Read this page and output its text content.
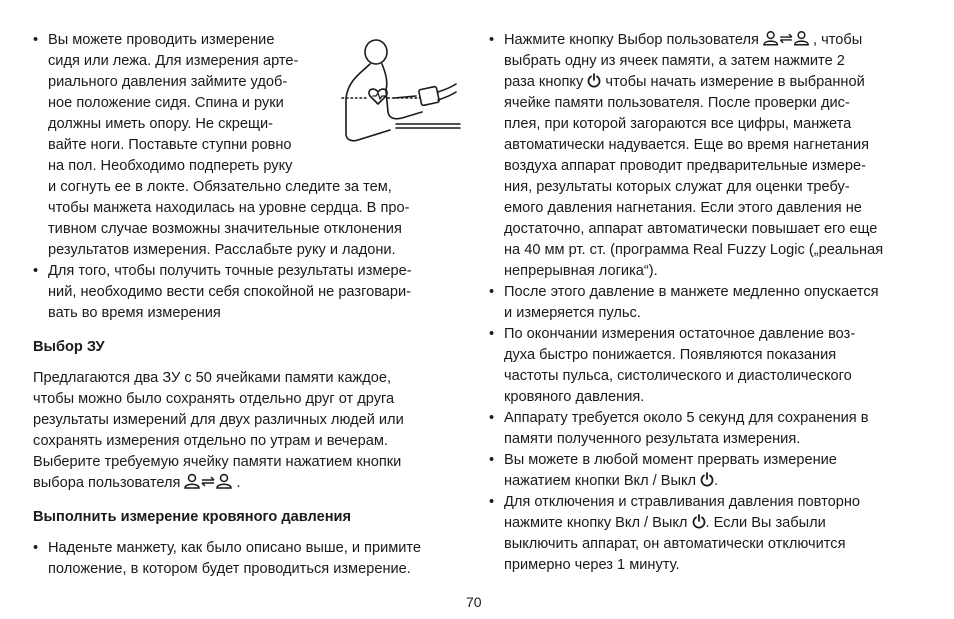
• Вы можете проводить измерение
сидя или лежа. Для измерения арте-
риального давления займите удоб-
ное положение сидя. Спина и руки
должны иметь опору. Не скрещи-
вайте ноги. Поставьте ступни ровно
на пол. Необходимо подпереть руку
и согнуть ее в локте. Обязательно следите за тем,
чтобы манжета находилась на уровне сердца. В про-
тивном случае возможны значительные отклонения
результатов измерения. Расслабьте руку и ладони.
• Для того, чтобы получить точные результаты измере-
ний, необходимо вести себя спокойной не разговари-
вать во время измерения

Выбор ЗУ

Предлагаются два ЗУ с 50 ячейками памяти каждое,
чтобы можно было сохранять отдельно друг от друга
результаты измерений для двух различных людей или
сохранять измерения отдельно по утрам и вечерам.
Выберите требуемую ячейку памяти нажатием кнопки
выбора пользователя	.

Выполнить измерение кровяного давления

• Наденьте манжету, как было описано выше, и примите
положение, в котором будет проводиться измерение.
• Нажмите кнопку Выбор пользователя	, чтобы
выбрать одну из ячеек памяти, а затем нажмите 2
раза кнопку чтобы начать измерение в выбранной
ячейке памяти пользователя. После проверки дис-
плея, при которой загораются все цифры, манжета
автоматически надувается. Еще во время нагнетания
воздуха аппарат проводит предварительные измере-
ния, результаты которых служат для оценки требу-
емого давления нагнетания. Если этого давления не
достаточно, аппарат автоматически повышает его еще
на 40 мм рт. ст. (программа Real Fuzzy Logic („реальная
непрерывная логика“).
• После этого давление в манжете медленно опускается
и измеряется пульс.
• По окончании измерения остаточное давление воз-
духа быстро понижается. Появляются показания
частоты пульса, систолического и диастолического
кровяного давления.
• Аппарату требуется около 5 секунд для сохранения в
памяти полученного результата измерения.
• Вы можете в любой момент прервать измерение
нажатием кнопки Вкл / Выкл .
• Для отключения и стравливания давления повторно
нажмите кнопку Вкл / Выкл . Если Вы забыли
выключить аппарат, он автоматически отключится
примерно через 1 минуту.
70
